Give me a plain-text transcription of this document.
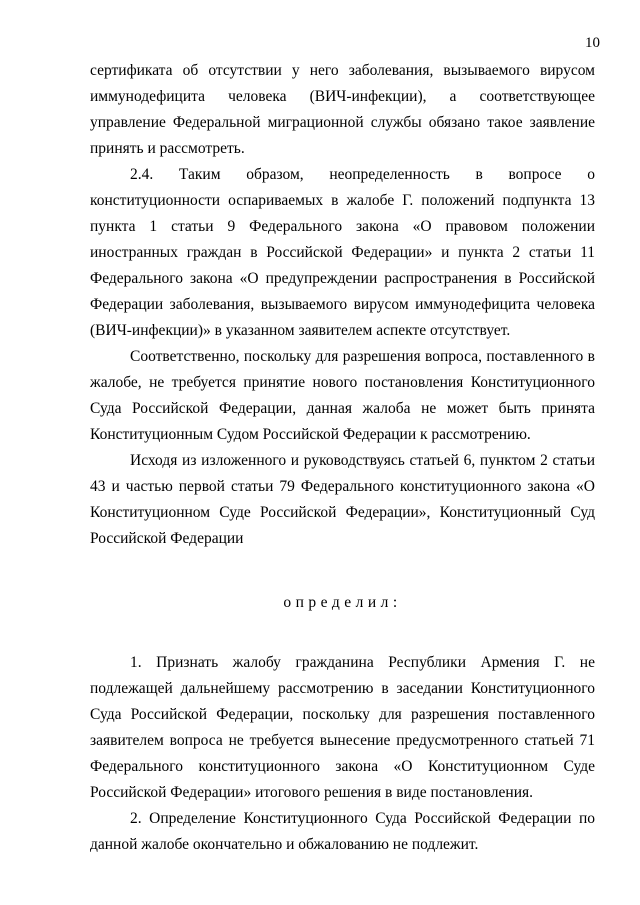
10

сертификата об отсутствии у него заболевания, вызываемого вирусом иммунодефицита человека (ВИЧ-инфекции), а соответствующее управление Федеральной миграционной службы обязано такое заявление принять и рассмотреть.

2.4. Таким образом, неопределенность в вопросе о конституционности оспариваемых в жалобе Г. положений подпункта 13 пункта 1 статьи 9 Федерального закона «О правовом положении иностранных граждан в Российской Федерации» и пункта 2 статьи 11 Федерального закона «О предупреждении распространения в Российской Федерации заболевания, вызываемого вирусом иммунодефицита человека (ВИЧ-инфекции)» в указанном заявителем аспекте отсутствует.

Соответственно, поскольку для разрешения вопроса, поставленного в жалобе, не требуется принятие нового постановления Конституционного Суда Российской Федерации, данная жалоба не может быть принята Конституционным Судом Российской Федерации к рассмотрению.

Исходя из изложенного и руководствуясь статьей 6, пунктом 2 статьи 43 и частью первой статьи 79 Федерального конституционного закона «О Конституционном Суде Российской Федерации», Конституционный Суд Российской Федерации

определил:

1. Признать жалобу гражданина Республики Армения Г. не подлежащей дальнейшему рассмотрению в заседании Конституционного Суда Российской Федерации, поскольку для разрешения поставленного заявителем вопроса не требуется вынесение предусмотренного статьей 71 Федерального конституционного закона «О Конституционном Суде Российской Федерации» итогового решения в виде постановления.

2. Определение Конституционного Суда Российской Федерации по данной жалобе окончательно и обжалованию не подлежит.
